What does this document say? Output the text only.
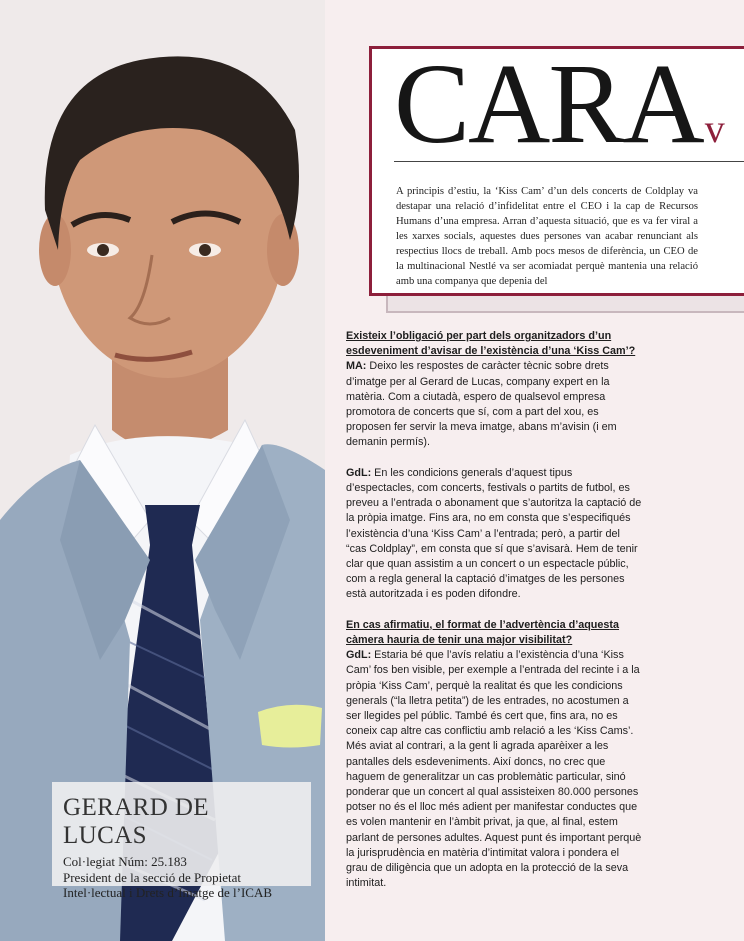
GERARD DE LUCAS
Col·legiat Núm: 25.183
President de la secció de Propietat
Intel·lectual i Drets d’Imatge de l’ICAB
CARAv
A principis d’estiu, la ‘Kiss Cam’ d’un dels concerts de Coldplay va destapar una relació d’infidelitat entre el CEO i la cap de Recursos Humans d’una empresa. Arran d’aquesta situació, que es va fer viral a les xarxes socials, aquestes dues persones van acabar renunciant als respectius llocs de treball. Amb pocs mesos de diferència, un CEO de la multinacional Nestlé va ser acomiadat perquè mantenia una relació amb una companya que depenia del
Existeix l’obligació per part dels organitzadors d’un esdeveniment d’avisar de l’existència d’una ‘Kiss Cam’?
MA: Deixo les respostes de caràcter tècnic sobre drets d’imatge per al Gerard de Lucas, company expert en la matèria. Com a ciutadà, espero de qualsevol empresa promotora de concerts que sí, com a part del xou, es proposen fer servir la meva imatge, abans m’avisin (i em demanin permís).
GdL: En les condicions generals d’aquest tipus d’espectacles, com concerts, festivals o partits de futbol, es preveu a l’entrada o abonament que s’autoritza la captació de la pròpia imatge. Fins ara, no em consta que s’especifiqués l’existència d’una ‘Kiss Cam’ a l’entrada; però, a partir del “cas Coldplay”, em consta que sí que s’avisarà. Hem de tenir clar que quan assistim a un concert o un espectacle públic, com a regla general la captació d’imatges de les persones està autoritzada i es poden difondre.
En cas afirmatiu, el format de l’advertència d’aquesta càmera hauria de tenir una major visibilitat?
GdL: Estaria bé que l’avís relatiu a l’existència d’una ‘Kiss Cam’ fos ben visible, per exemple a l’entrada del recinte i a la pròpia ‘Kiss Cam’, perquè la realitat és que les condicions generals (“la lletra petita”) de les entrades, no acostumen a ser llegides pel públic. També és cert que, fins ara, no es coneix cap altre cas conflictiu amb relació a les ‘Kiss Cams’. Més aviat al contrari, a la gent li agrada aparèixer a les pantalles dels esdeveniments. Així doncs, no crec que haguem de generalitzar un cas problemàtic particular, sinó ponderar que un concert al qual assisteixen 80.000 persones potser no és el lloc més adient per manifestar conductes que es volen mantenir en l’àmbit privat, ja que, al final, estem parlant de persones adultes. Aquest punt és important perquè la jurisprudència en matèria d’intimitat valora i pondera el grau de diligència que un adopta en la protecció de la seva intimitat.
